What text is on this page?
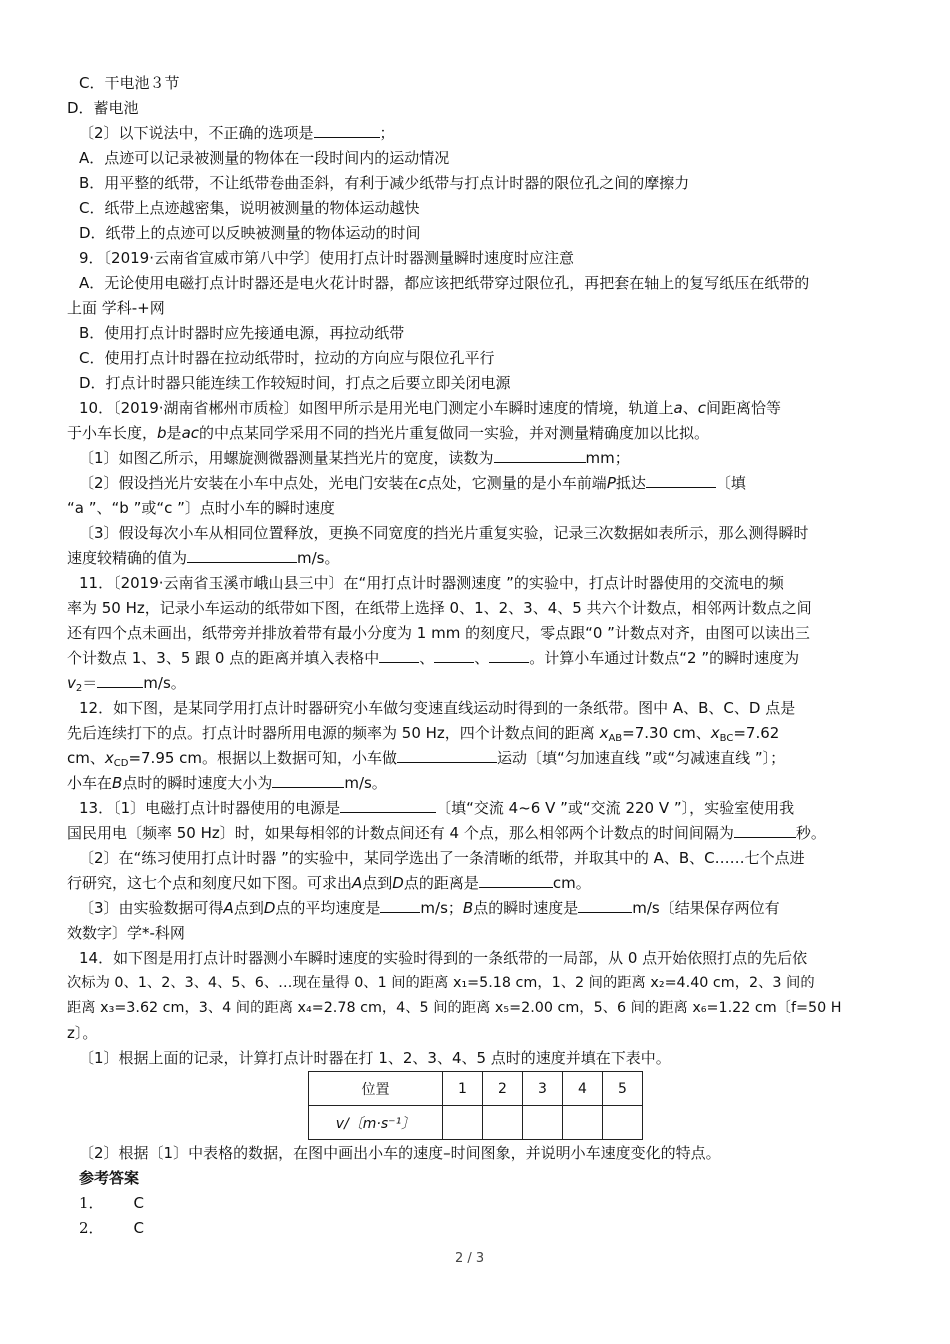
C．干电池３节
D．蓄电池
〔2〕以下说法中，不正确的选项是	；
A．点迹可以记录被测量的物体在一段时间内的运动情况
B．用平整的纸带，不让纸带卷曲歪斜，有利于减少纸带与打点计时器的限位孔之间的摩擦力
C．纸带上点迹越密集，说明被测量的物体运动越快
D．纸带上的点迹可以反映被测量的物体运动的时间
9．〔2019·云南省宣威市第八中学〕使用打点计时器测量瞬时速度时应注意
A．无论使用电磁打点计时器还是电火花计时器，都应该把纸带穿过限位孔，再把套在轴上的复写纸压在纸带的
上面 学科-+网
B．使用打点计时器时应先接通电源，再拉动纸带
C．使用打点计时器在拉动纸带时，拉动的方向应与限位孔平行
D．打点计时器只能连续工作较短时间，打点之后要立即关闭电源
10．〔2019·湖南省郴州市质检〕如图甲所示是用光电门测定小车瞬时速度的情境，轨道上a、c间距离恰等
于小车长度，b是ac的中点某同学采用不同的挡光片重复做同一实验，并对测量精确度加以比拟。
〔1〕如图乙所示，用螺旋测微器测量某挡光片的宽度，读数为	mm；
〔2〕假设挡光片安装在小车中点处，光电门安装在c点处，它测量的是小车前端P抵达	〔填
“a ”、“b ”或“c ”〕点时小车的瞬时速度
〔3〕假设每次小车从相同位置释放，更换不同宽度的挡光片重复实验，记录三次数据如表所示，那么测得瞬时
速度较精确的值为	m/s。
11．〔2019·云南省玉溪市峨山县三中〕在“用打点计时器测速度 ”的实验中，打点计时器使用的交流电的频
率为 50 Hz，记录小车运动的纸带如下图，在纸带上选择 0、1、2、3、4、5 共六个计数点，相邻两计数点之间
还有四个点未画出，纸带旁并排放着带有最小分度为 1 mm 的刻度尺，零点跟“0 ”计数点对齐，由图可以读出三
个计数点 1、3、5 跟 0 点的距离并填入表格中	、	、	。计算小车通过计数点“2 ”的瞬时速度为
$v_2=$	m/s。
12．如下图，是某同学用打点计时器研究小车做匀变速直线运动时得到的一条纸带。图中 A、B、C、D 点是
先后连续打下的点。打点计时器所用电源的频率为 50 Hz，四个计数点间的距离 $x_{AB}=7.30$ cm、$x_{BC}=7.62$
cm、$x_{CD}=7.95$ cm。根据以上数据可知，小车做	运动〔填“匀加速直线 ”或“匀减速直线 ”〕；
小车在B点时的瞬时速度大小为	m/s。
13．〔1〕电磁打点计时器使用的电源是	〔填“交流 4~6 V ”或“交流 220 V ”〕，实验室使用我
国民用电〔频率 50 Hz〕时，如果每相邻的计数点间还有 4 个点，那么相邻两个计数点的时间间隔为	秒。
〔2〕在“练习使用打点计时器 ”的实验中，某同学选出了一条清晰的纸带，并取其中的 A、B、C……七个点进
行研究，这七个点和刻度尺如下图。可求出A点到D点的距离是	cm。
〔3〕由实验数据可得A点到D点的平均速度是	m/s；B点的瞬时速度是	m/s〔结果保存两位有
效数字〕学*-科网
14．如下图是用打点计时器测小车瞬时速度的实验时得到的一条纸带的一局部，从 0 点开始依照打点的先后依
次标为 0、1、2、3、4、5、6、…现在量得 0、1 间的距离 x₁=5.18 cm，1、2 间的距离 x₂=4.40 cm，2、3 间的
距离 x₃=3.62 cm，3、4 间的距离 x₄=2.78 cm，4、5 间的距离 x₅=2.00 cm，5、6 间的距离 x₆=1.22 cm〔f=50 H
z〕。
〔1〕根据上面的记录，计算打点计时器在打 1、2、3、4、5 点时的速度并填在下表中。
位置	1	2	3	4	5
v/〔m·s⁻¹〕					
〔2〕根据〔1〕中表格的数据，在图中画出小车的速度–时间图象，并说明小车速度变化的特点。
参考答案
1． C
2． C
2 / 3
